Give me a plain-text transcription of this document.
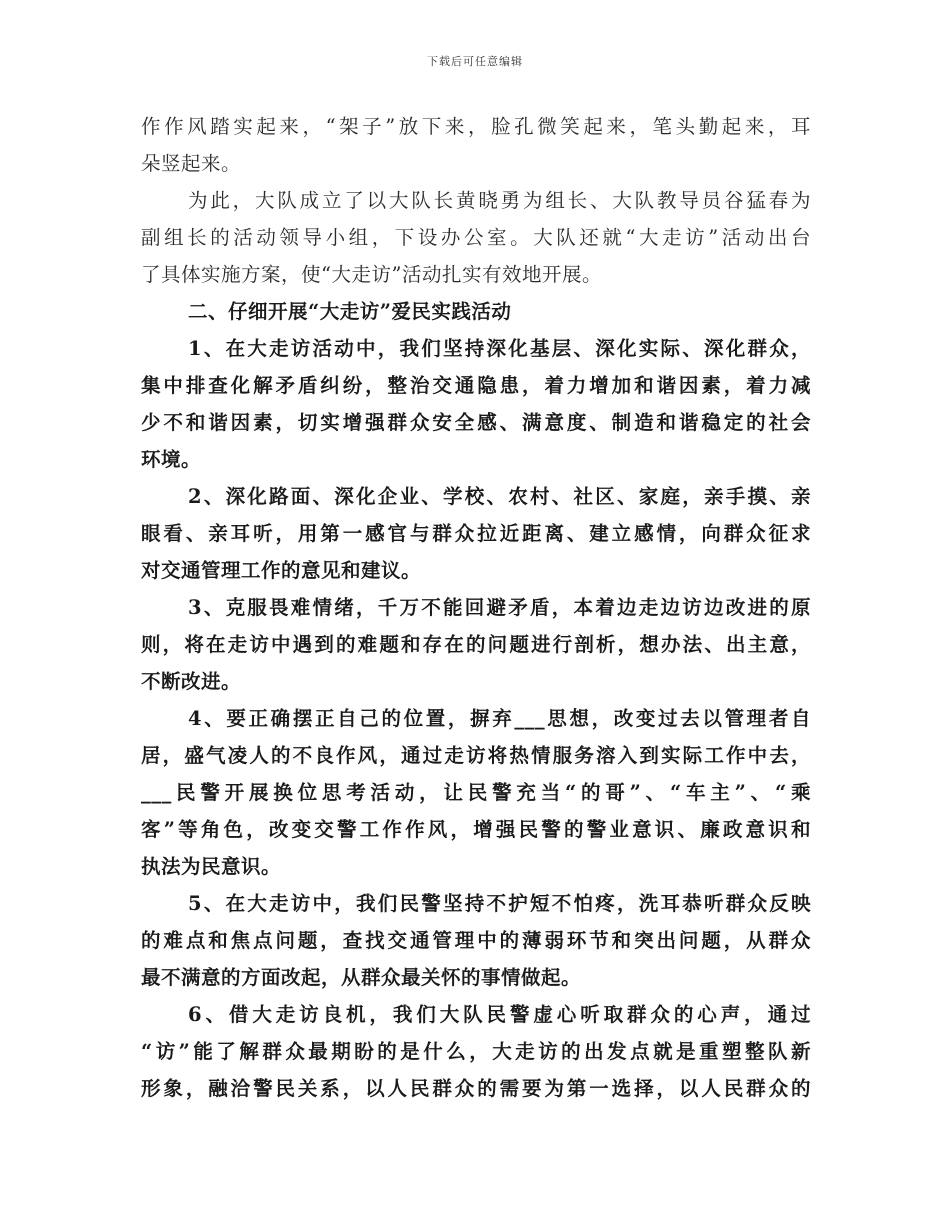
下载后可任意编辑
作作风踏实起来，“架子”放下来，脸孔微笑起来，笔头勤起来，耳
朵竖起来。
为此，大队成立了以大队长黄晓勇为组长、大队教导员谷猛春为
副组长的活动领导小组，下设办公室。大队还就“大走访”活动出台
了具体实施方案，使“大走访”活动扎实有效地开展。
二、仔细开展“大走访”爱民实践活动
1、在大走访活动中，我们坚持深化基层、深化实际、深化群众，
集中排查化解矛盾纠纷，整治交通隐患，着力增加和谐因素，着力减
少不和谐因素，切实增强群众安全感、满意度、制造和谐稳定的社会
环境。
2、深化路面、深化企业、学校、农村、社区、家庭，亲手摸、亲
眼看、亲耳听，用第一感官与群众拉近距离、建立感情，向群众征求
对交通管理工作的意见和建议。
3、克服畏难情绪，千万不能回避矛盾，本着边走边访边改进的原
则，将在走访中遇到的难题和存在的问题进行剖析，想办法、出主意，
不断改进。
4、要正确摆正自己的位置，摒弃___思想，改变过去以管理者自
居，盛气凌人的不良作风，通过走访将热情服务溶入到实际工作中去，
___民警开展换位思考活动，让民警充当“的哥”、“车主”、“乘
客”等角色，改变交警工作作风，增强民警的警业意识、廉政意识和
执法为民意识。
5、在大走访中，我们民警坚持不护短不怕疼，洗耳恭听群众反映
的难点和焦点问题，查找交通管理中的薄弱环节和突出问题，从群众
最不满意的方面改起，从群众最关怀的事情做起。
6、借大走访良机，我们大队民警虚心听取群众的心声，通过
“访”能了解群众最期盼的是什么，大走访的出发点就是重塑整队新
形象，融洽警民关系，以人民群众的需要为第一选择，以人民群众的
